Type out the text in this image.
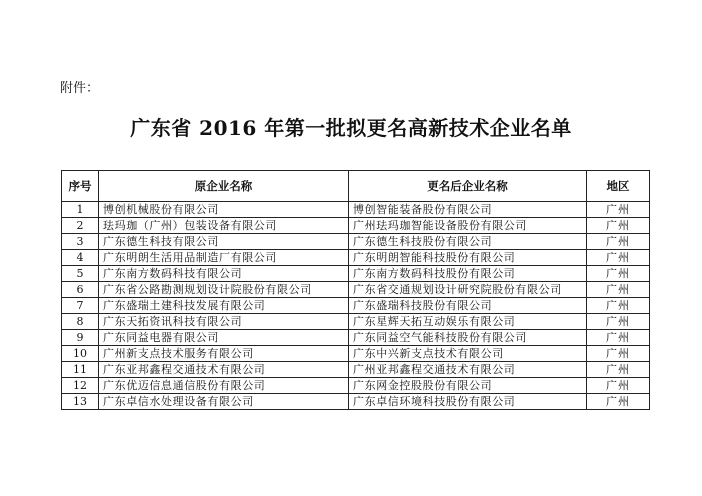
附件：
广东省 2016 年第一批拟更名高新技术企业名单
序号	原企业名称	更名后企业名称	地区
1	博创机械股份有限公司	博创智能装备股份有限公司	广州
2	珐玛珈（广州）包装设备有限公司	广州珐玛珈智能设备股份有限公司	广州
3	广东德生科技有限公司	广东德生科技股份有限公司	广州
4	广东明朗生活用品制造厂有限公司	广东明朗智能科技股份有限公司	广州
5	广东南方数码科技有限公司	广东南方数码科技股份有限公司	广州
6	广东省公路勘测规划设计院股份有限公司	广东省交通规划设计研究院股份有限公司	广州
7	广东盛瑞土建科技发展有限公司	广东盛瑞科技股份有限公司	广州
8	广东天拓资讯科技有限公司	广东星辉天拓互动娱乐有限公司	广州
9	广东同益电器有限公司	广东同益空气能科技股份有限公司	广州
10	广州新支点技术服务有限公司	广东中兴新支点技术有限公司	广州
11	广东亚邦鑫程交通技术有限公司	广州亚邦鑫程交通技术有限公司	广州
12	广东优迈信息通信股份有限公司	广东网金控股股份有限公司	广州
13	广东卓信水处理设备有限公司	广东卓信环境科技股份有限公司	广州
